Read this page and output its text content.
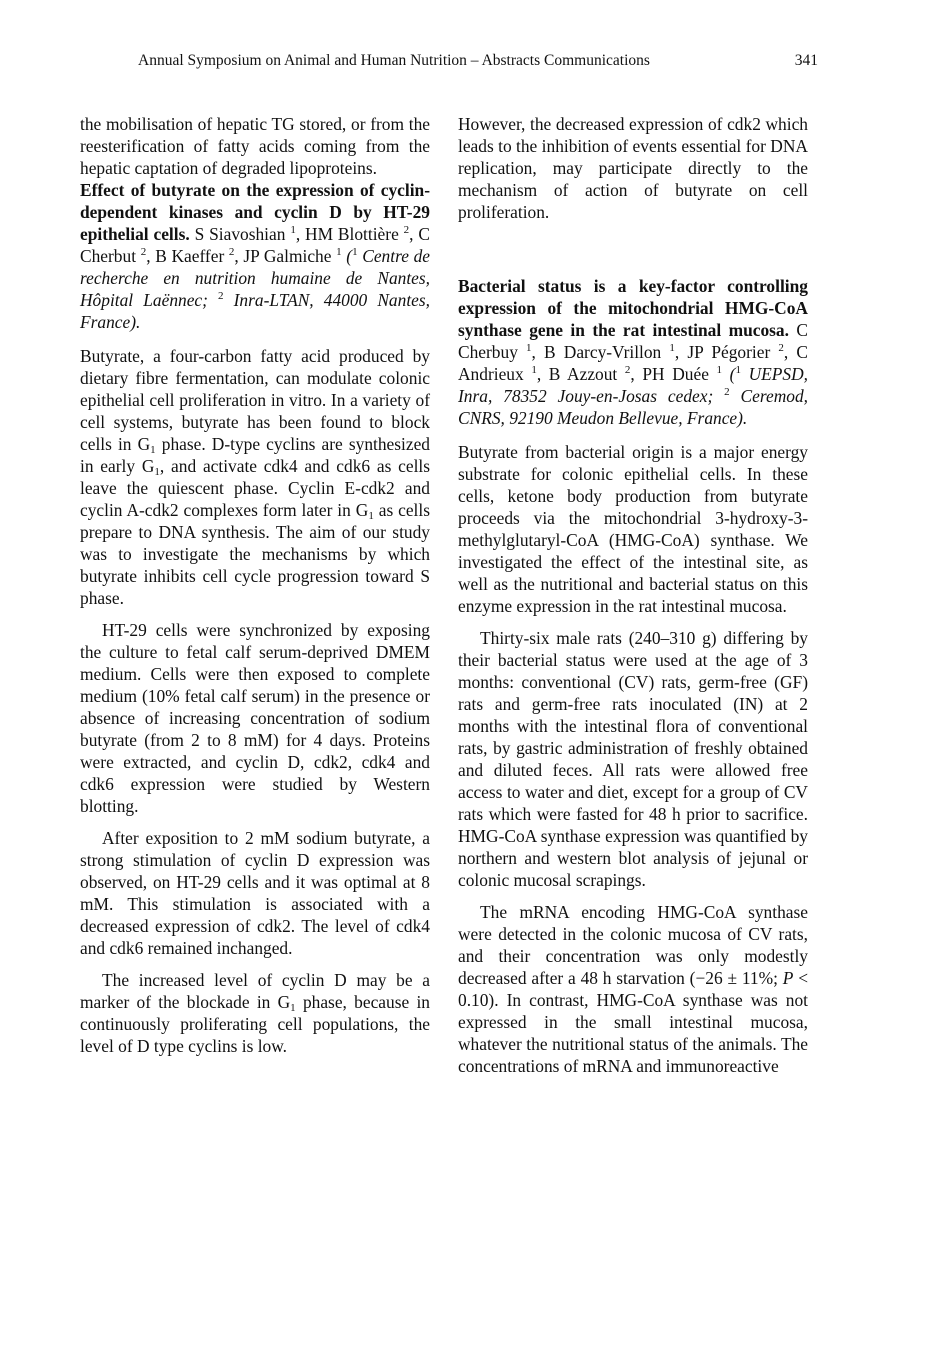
Annual Symposium on Animal and Human Nutrition – Abstracts Communications	341

the mobilisation of hepatic TG stored, or from the reesterification of fatty acids coming from the hepatic captation of degraded lipoproteins.

Effect of butyrate on the expression of cyclin-dependent kinases and cyclin D by HT-29 epithelial cells. S Siavoshian $^1$, HM Blottière $^2$, C Cherbut $^2$, B Kaeffer $^2$, JP Galmiche $^1$ ($^1$ Centre de recherche en nutrition humaine de Nantes, Hôpital Laënnec; $^2$ Inra-LTAN, 44000 Nantes, France).

Butyrate, a four-carbon fatty acid produced by dietary fibre fermentation, can modulate colonic epithelial cell proliferation in vitro. In a variety of cell systems, butyrate has been found to block cells in $G_1$ phase. D-type cyclins are synthesized in early $G_1$, and activate cdk4 and cdk6 as cells leave the quiescent phase. Cyclin E-cdk2 and cyclin A-cdk2 complexes form later in $G_1$ as cells prepare to DNA synthesis. The aim of our study was to investigate the mechanisms by which butyrate inhibits cell cycle progression toward S phase.

HT-29 cells were synchronized by exposing the culture to fetal calf serum-deprived DMEM medium. Cells were then exposed to complete medium (10% fetal calf serum) in the presence or absence of increasing concentration of sodium butyrate (from 2 to 8 mM) for 4 days. Proteins were extracted, and cyclin D, cdk2, cdk4 and cdk6 expression were studied by Western blotting.

After exposition to 2 mM sodium butyrate, a strong stimulation of cyclin D expression was observed, on HT-29 cells and it was optimal at 8 mM. This stimulation is associated with a decreased expression of cdk2. The level of cdk4 and cdk6 remained inchanged.

The increased level of cyclin D may be a marker of the blockade in $G_1$ phase, because in continuously proliferating cell populations, the level of D type cyclins is low.

However, the decreased expression of cdk2 which leads to the inhibition of events essential for DNA replication, may participate directly to the mechanism of action of butyrate on cell proliferation.

Bacterial status is a key-factor controlling expression of the mitochondrial HMG-CoA synthase gene in the rat intestinal mucosa. C Cherbuy $^1$, B Darcy-Vrillon $^1$, JP Pégorier $^2$, C Andrieux $^1$, B Azzout $^2$, PH Duée $^1$ ($^1$ UEPSD, Inra, 78352 Jouy-en-Josas cedex; $^2$ Ceremod, CNRS, 92190 Meudon Bellevue, France).

Butyrate from bacterial origin is a major energy substrate for colonic epithelial cells. In these cells, ketone body production from butyrate proceeds via the mitochondrial 3-hydroxy-3-methylglutaryl-CoA (HMG-CoA) synthase. We investigated the effect of the intestinal site, as well as the nutritional and bacterial status on this enzyme expression in the rat intestinal mucosa.

Thirty-six male rats (240–310 g) differing by their bacterial status were used at the age of 3 months: conventional (CV) rats, germ-free (GF) rats and germ-free rats inoculated (IN) at 2 months with the intestinal flora of conventional rats, by gastric administration of freshly obtained and diluted feces. All rats were allowed free access to water and diet, except for a group of CV rats which were fasted for 48 h prior to sacrifice. HMG-CoA synthase expression was quantified by northern and western blot analysis of jejunal or colonic mucosal scrapings.

The mRNA encoding HMG-CoA synthase were detected in the colonic mucosa of CV rats, and their concentration was only modestly decreased after a 48 h starvation (−26 ± 11%; P < 0.10). In contrast, HMG-CoA synthase was not expressed in the small intestinal mucosa, whatever the nutritional status of the animals. The concentrations of mRNA and immunoreactive
